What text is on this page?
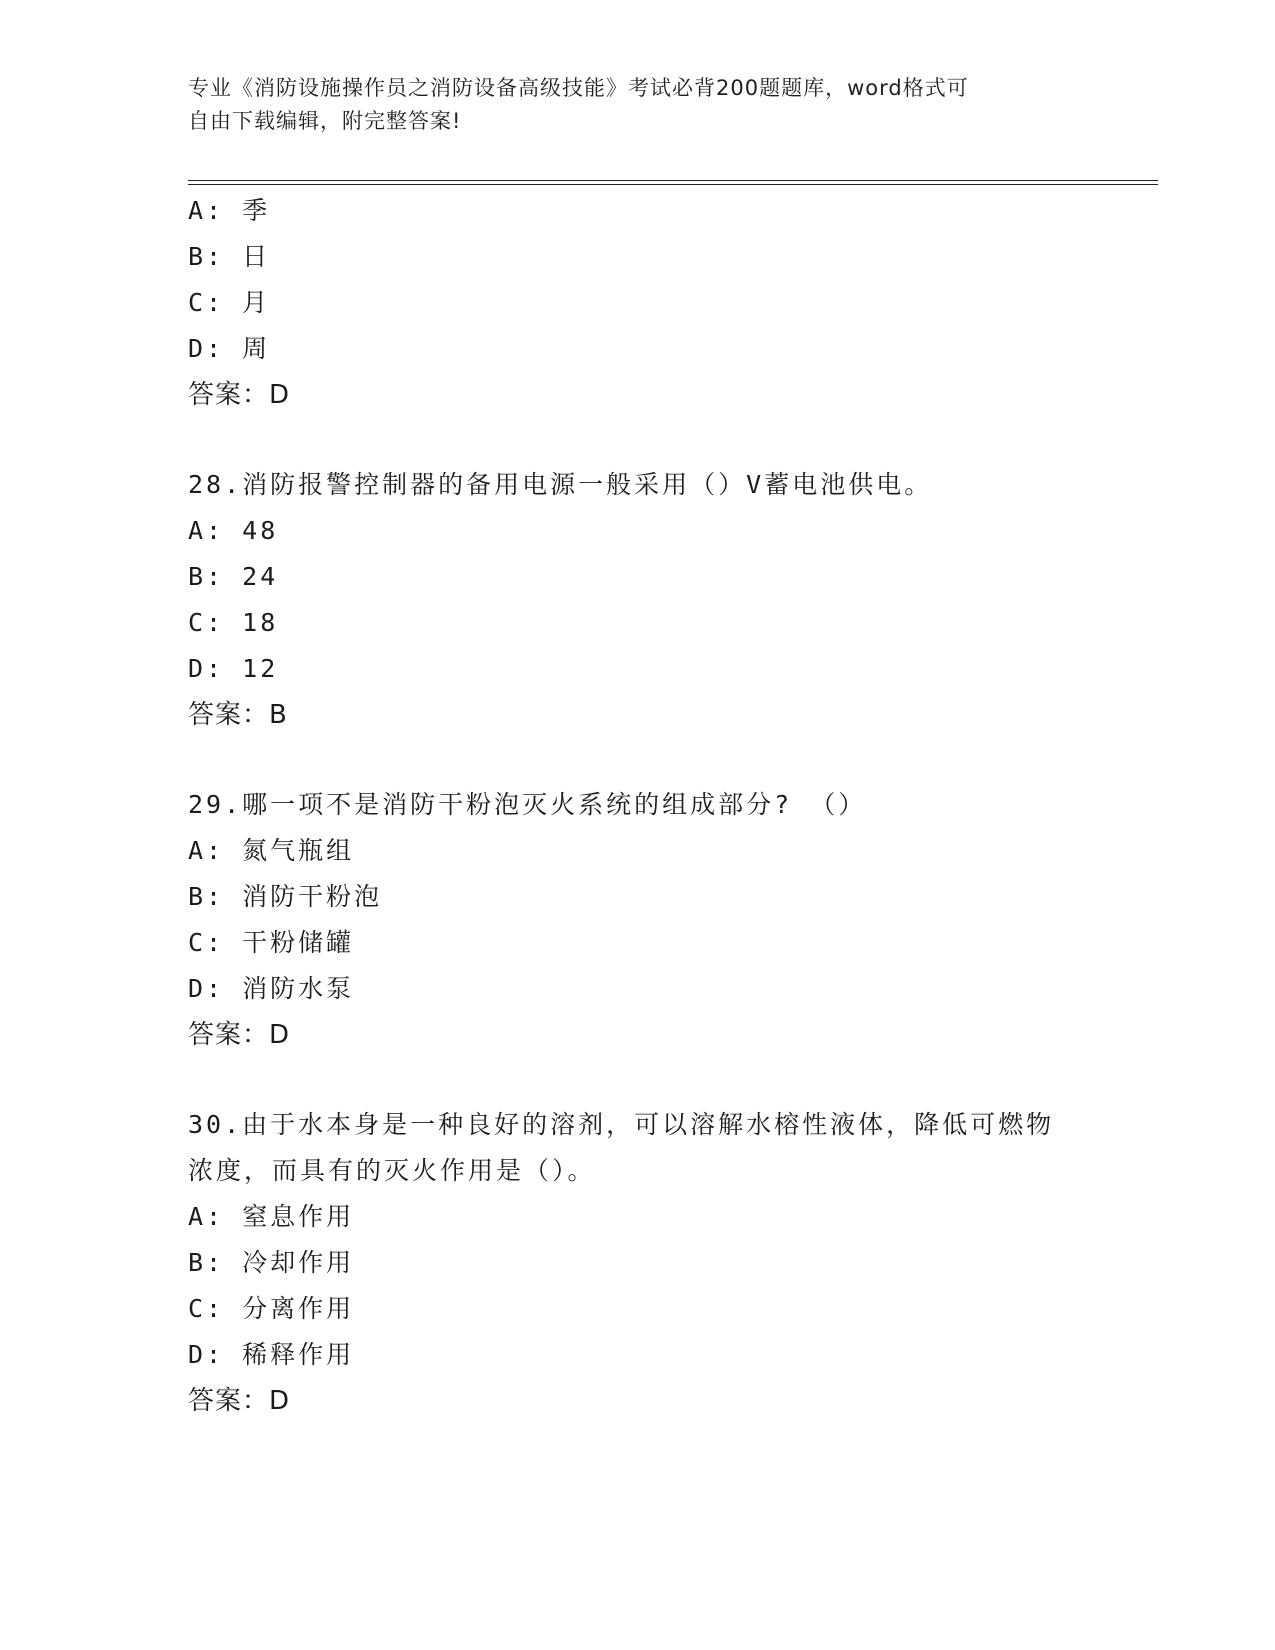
专业《消防设施操作员之消防设备高级技能》考试必背200题题库，word格式可
自由下载编辑，附完整答案!
A: 季
B: 日
C: 月
D: 周
答案：D
28.消防报警控制器的备用电源一般采用（）V蓄电池供电。
A: 48
B: 24
C: 18
D: 12
答案：B
29.哪一项不是消防干粉泡灭火系统的组成部分? （）
A: 氮气瓶组
B: 消防干粉泡
C: 干粉储罐
D: 消防水泵
答案：D
30.由于水本身是一种良好的溶剂，可以溶解水榕性液体，降低可燃物
浓度，而具有的灭火作用是（）。
A: 窒息作用
B: 冷却作用
C: 分离作用
D: 稀释作用
答案：D
